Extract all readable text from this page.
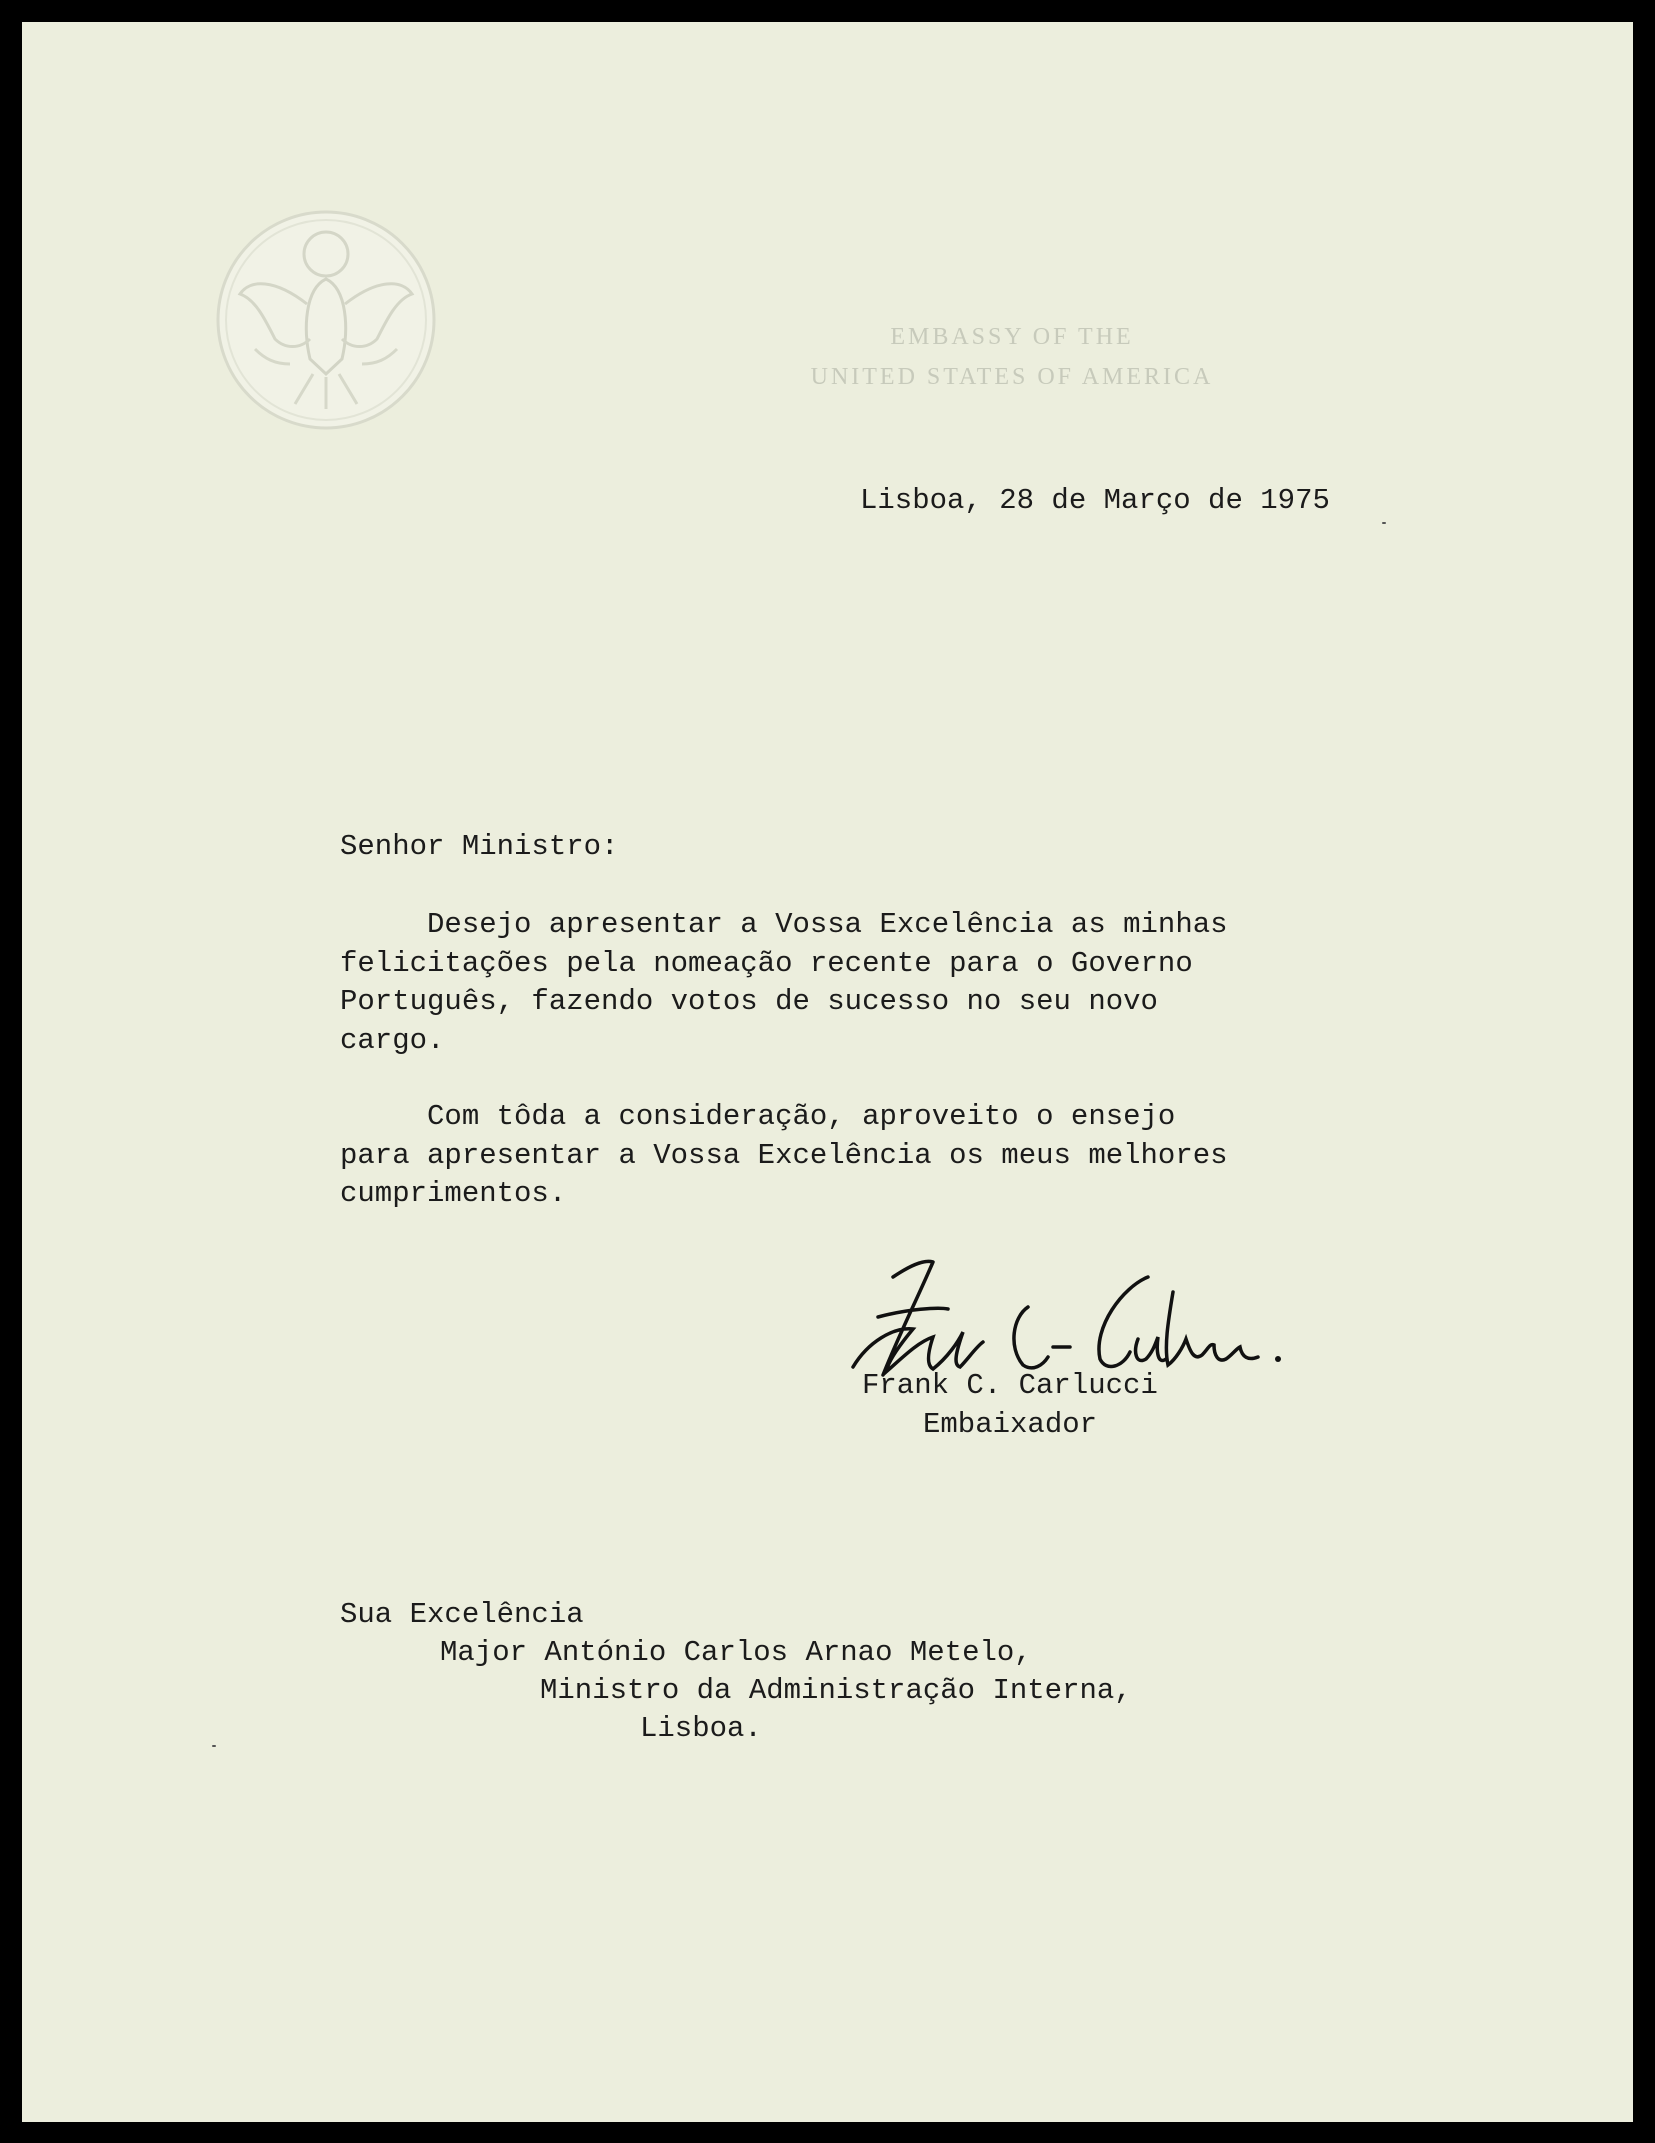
EMBASSY OF THE
UNITED STATES OF AMERICA
Lisboa, 28 de Março de 1975
Senhor Ministro:
Desejo apresentar a Vossa Excelência as minhas
felicitações pela nomeação recente para o Governo
Português, fazendo votos de sucesso no seu novo
cargo.
Com tôda a consideração, aproveito o ensejo
para apresentar a Vossa Excelência os meus melhores
cumprimentos.
Frank C. Carlucci
Embaixador
Sua Excelência
Major António Carlos Arnao Metelo,
Ministro da Administração Interna,
Lisboa.
